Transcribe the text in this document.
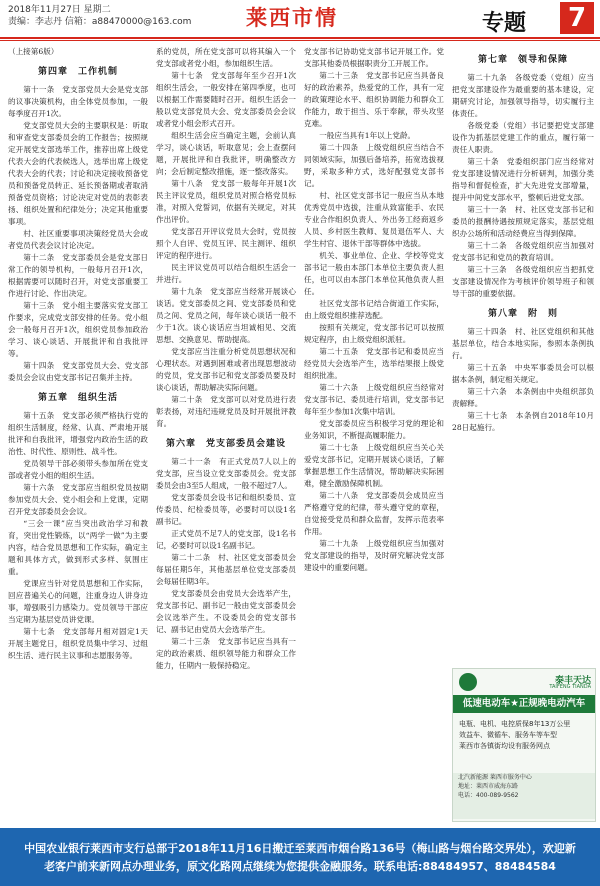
2018年11月27日 星期二
责编：李志丹 信箱：a88470000@163.com	莱西市情	专题	7

（上接第6版）

第四章　工作机制

第十一条　党支部党员大会是党支部的议事决策机构，由全体党员参加，一般每季度召开1次。

党支部党员大会的主要职权是：听取和审查党支部委员会的工作报告；按照规定开展党支部选举工作，推荐出席上级党代表大会的代表候选人，选举出席上级党代表大会的代表；讨论和决定接收预备党员和预备党员转正、延长预备期或者取消预备党员资格；讨论决定对党员的表彰表扬、组织处置和纪律处分；决定其他重要事项。

村、社区重要事项决策经党员大会或者党员代表会议讨论决定。

第十二条　党支部委员会是党支部日常工作的领导机构，一般每月召开1次，根据需要可以随时召开，对党支部重要工作进行讨论、作出决定。

第十三条　党小组主要落实党支部工作要求，完成党支部安排的任务。党小组会一般每月召开1次，组织党员参加政治学习、谈心谈话、开展批评和自我批评等。

第十四条　党支部党员大会、党支部委员会会议由党支部书记召集并主持。

第五章　组织生活

第十五条　党支部必须严格执行党的组织生活制度，经常、认真、严肃地开展批评和自我批评，增强党内政治生活的政治性、时代性、原则性、战斗性。

党员领导干部必须带头参加所在党支部或者党小组的组织生活。

第十六条　党支部应当组织党员按期参加党员大会、党小组会和上党课，定期召开党支部委员会会议。

“三会一课”应当突出政治学习和教育，突出党性锻炼，以“两学一做”为主要内容，结合党员思想和工作实际，确定主题和具体方式，做到形式多样、氛围庄重。

党课应当针对党员思想和工作实际，回应普遍关心的问题，注重身边人讲身边事，增强吸引力感染力。党员领导干部应当定期为基层党员讲党课。

第十七条　党支部每月相对固定1天开展主题党日，组织党员集中学习、过组织生活、进行民主议事和志愿服务等。

系的党员，所在党支部可以将其编入一个党支部或者党小组，参加组织生活。

第十七条　党支部每年至少召开1次组织生活会，一般安排在第四季度，也可以根据工作需要随时召开。组织生活会一般以党支部党员大会、党支部委员会会议或者党小组会形式召开。

组织生活会应当确定主题，会前认真学习，谈心谈话，听取意见；会上查摆问题，开展批评和自我批评，明确整改方向；会后制定整改措施，逐一整改落实。

第十八条　党支部一般每年开展1次民主评议党员，组织党员对照合格党员标准，对照入党誓词，依据有关规定，对其作出评价。

党支部召开评议党员大会时，党员按照个人自评、党员互评、民主测评、组织评定的程序进行。

民主评议党员可以结合组织生活会一并进行。

第十九条　党支部应当经常开展谈心谈话。党支部委员之间、党支部委员和党员之间、党员之间，每年谈心谈话一般不少于1次。谈心谈话应当坦诚相见、交流思想、交换意见、帮助提高。

党支部应当注重分析党员思想状况和心理状态。对遇到困难或者出现思想波动的党员，党支部书记和党支部委员要及时谈心谈话，帮助解决实际问题。

第二十条　党支部可以对党员进行表彰表扬，对违纪违规党员及时开展批评教育。

第六章　党支部委员会建设

第二十一条　有正式党员7人以上的党支部，应当设立党支部委员会。党支部委员会由3至5人组成，一般不超过7人。

党支部委员会设书记和组织委员、宣传委员、纪检委员等，必要时可以设1名副书记。

正式党员不足7人的党支部，设1名书记，必要时可以设1名副书记。

第二十二条　村、社区党支部委员会每届任期5年，其他基层单位党支部委员会每届任期3年。

党支部委员会由党员大会选举产生，党支部书记、副书记一般由党支部委员会会议选举产生。不设委员会的党支部书记、副书记由党员大会选举产生。

第二十三条　党支部书记应当具有一定的政治素质、组织领导能力和群众工作能力，任期内一般保持稳定。

党支部书记协助党支部书记开展工作。党支部其他委员根据职责分工开展工作。

第二十三条　党支部书记应当具备良好的政治素养，热爱党的工作，具有一定的政策理论水平、组织协调能力和群众工作能力，敢于担当、乐于奉献，带头攻坚克难。

一般应当具有1年以上党龄。

第二十四条　上级党组织应当结合不同领域实际，加强后备培养，拓宽选拔视野，采取多种方式，选好配强党支部书记。

村、社区党支部书记一般应当从本地优秀党员中选拔，注重从致富能手、农民专业合作组织负责人、外出务工经商返乡人员、乡村医生教师、复员退伍军人、大学生村官、退休干部等群体中选拔。

机关、事业单位、企业、学校等党支部书记一般由本部门本单位主要负责人担任，也可以由本部门本单位其他负责人担任。

社区党支部书记结合街道工作实际，由上级党组织推荐选配。

按照有关规定，党支部书记可以按照规定程序，由上级党组织派驻。

第二十五条　党支部书记和委员应当经党员大会选举产生，选举结果报上级党组织批准。

第二十六条　上级党组织应当经常对党支部书记、委员进行培训，党支部书记每年至少参加1次集中培训。

党支部委员应当积极学习党的理论和业务知识，不断提高履职能力。

第二十七条　上级党组织应当关心关爱党支部书记，定期开展谈心谈话，了解掌握思想工作生活情况，帮助解决实际困难，健全激励保障机制。

第二十八条　党支部委员会成员应当严格遵守党的纪律，带头遵守党的章程，自觉接受党员和群众监督，发挥示范表率作用。

第二十九条　上级党组织应当加强对党支部建设的指导，及时研究解决党支部建设中的重要问题。

第七章　领导和保障

第二十九条　各级党委（党组）应当把党支部建设作为最重要的基本建设，定期研究讨论，加强领导指导，切实履行主体责任。

各级党委（党组）书记要把党支部建设作为抓基层党建工作的重点，履行第一责任人职责。

第三十条　党委组织部门应当经常对党支部建设情况进行分析研判，加强分类指导和督促检查，扩大先进党支部增量，提升中间党支部水平，整顿后进党支部。

第三十一条　村、社区党支部书记和委员的报酬待遇按照规定落实，基层党组织办公场所和活动经费应当得到保障。

第三十二条　各级党组织应当加强对党支部书记和党员的教育培训。

第三十三条　各级党组织应当把抓党支部建设情况作为考核评价领导班子和领导干部的重要依据。

第八章　附　则

第三十四条　村、社区党组织和其他基层单位，结合本地实际，参照本条例执行。

第三十五条　中央军事委员会可以根据本条例，制定相关规定。

第三十六条　本条例由中央组织部负责解释。

第三十七条　本条例自2018年10月28日起施行。

泰丰天达
TAIFENG TIANDA
低速电动车★正规晚电动汽车
电瓶、电机、电控质保8年13万公里
效益车、微循车、服务车等车型
莱西市各镇街均设有服务网点
北汽新能源 莱西市服务中心
地址：莱西市威海东路
电话：400-089-9562
中国农业银行莱西市支行总部于2018年11月16日搬迁至莱西市烟台路136号（梅山路与烟台路交界处），欢迎新
老客户前来新网点办理业务，原文化路网点继续为您提供金融服务。联系电话:88484957、88484584
